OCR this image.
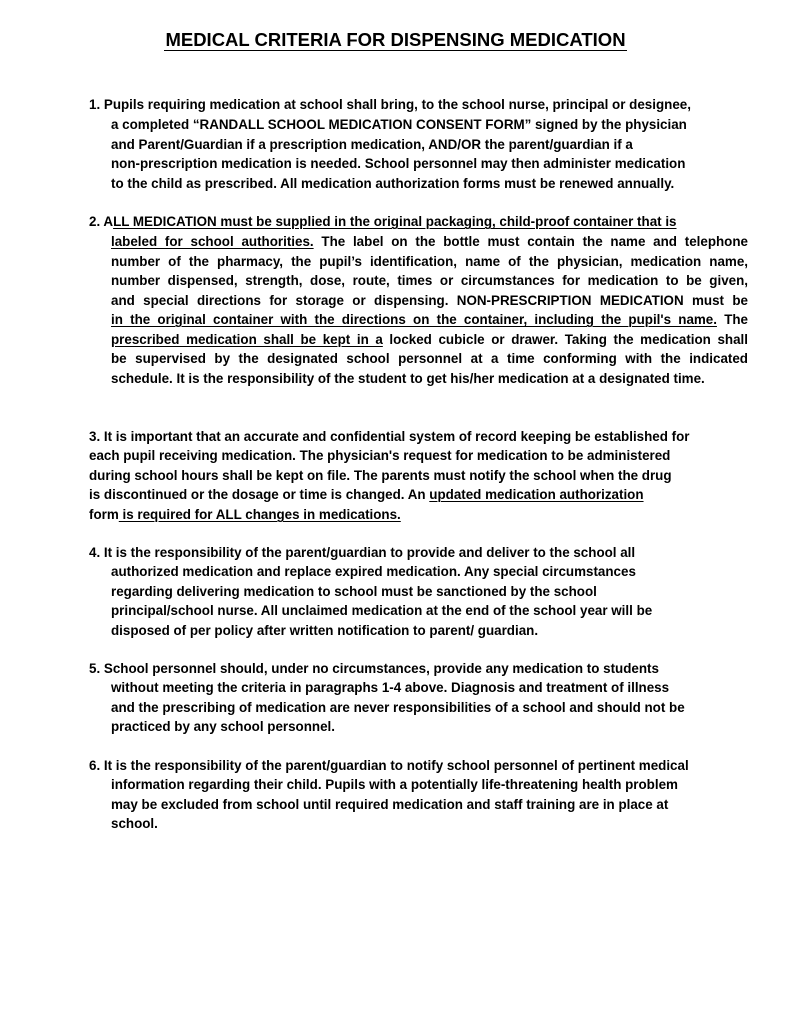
MEDICAL CRITERIA FOR DISPENSING MEDICATION
1. Pupils requiring medication at school shall bring, to the school nurse, principal or designee,
a completed “RANDALL SCHOOL MEDICATION CONSENT FORM” signed by the physician
and Parent/Guardian if a prescription medication, AND/OR the parent/guardian if a
non-prescription medication is needed. School personnel may then administer medication
to the child as prescribed. All medication authorization forms must be renewed annually.
2. ALL MEDICATION must be supplied in the original packaging, child-proof container that is
labeled for school authorities. The label on the bottle must contain the name and telephone
number of the pharmacy, the pupil’s identification, name of the physician, medication name,
number dispensed, strength, dose, route, times or circumstances for medication to be given,
and special directions for storage or dispensing. NON-PRESCRIPTION MEDICATION must be
in the original container with the directions on the container, including the pupil's name. The
prescribed medication shall be kept in a locked cubicle or drawer. Taking the medication shall
be supervised by the designated school personnel at a time conforming with the indicated
schedule. It is the responsibility of the student to get his/her medication at a designated time.
3. It is important that an accurate and confidential system of record keeping be established for
each pupil receiving medication. The physician's request for medication to be administered
during school hours shall be kept on file. The parents must notify the school when the drug
is discontinued or the dosage or time is changed. An updated medication authorization
form is required for ALL changes in medications.
4. It is the responsibility of the parent/guardian to provide and deliver to the school all
authorized medication and replace expired medication. Any special circumstances
regarding delivering medication to school must be sanctioned by the school
principal/school nurse. All unclaimed medication at the end of the school year will be
disposed of per policy after written notification to parent/ guardian.
5. School personnel should, under no circumstances, provide any medication to students
without meeting the criteria in paragraphs 1-4 above. Diagnosis and treatment of illness
and the prescribing of medication are never responsibilities of a school and should not be
practiced by any school personnel.
6. It is the responsibility of the parent/guardian to notify school personnel of pertinent medical
information regarding their child. Pupils with a potentially life-threatening health problem
may be excluded from school until required medication and staff training are in place at
school.
